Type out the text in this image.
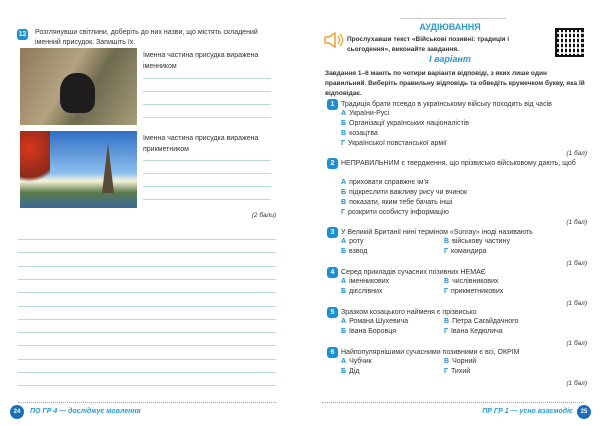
12 Розглянувши світлини, доберіть до них назви, що містять складений іменний присудок. Запишіть їх.
Іменна частина присудка виражена іменником
Іменна частина присудка виражена прикметником
(2 бали)
24	ПО ГР 4 — досліджує мовлення
АУДІЮВАННЯ
Прослухавши текст «Військові позивні: традиція і сьогодення», виконайте завдання.
І варіант
Завдання 1–6 мають по чотири варіанти відповіді, з яких лише один правильний. Виберіть правильну відповідь та обведіть кружечком букву, яка їй відповідає.
1 Традиція брати псевдо в українському війську походить від часів
А України-Русі
Б Організації українських націоналістів
В козацтва
Г Української повстанської армії
(1 бал)
2 НЕПРАВИЛЬНИМ є твердження, що прізвисько військовому дають, щоб
А приховати справжнє ім'я
Б підкреслити важливу рису чи вчинок
В показати, яким тебе бачать інші
Г розкрити особисту інформацію
(1 бал)
3 У Великій Британії нині терміном «Sunray» іноді називають
А роту
Б взвод
В військову частину
Г командира
(1 бал)
4 Серед прикладів сучасних позивних НЕМАЄ
А іменникових
Б дієслівних
В числівникових
Г прикметникових
(1 бал)
5 Зразком козацького найменя є прізвисько
А Романа Шухевича
Б Івана Боровця
В Петра Сагайдачного
Г Івана Кедюлича
(1 бал)
6 Найпопулярнішими сучасними позивними є всі, ОКРІМ
А Чубчик
Б Дід
В Чорний
Г Тихий
(1 бал)
ПР ГР 1 — усно взаємодіє	25
